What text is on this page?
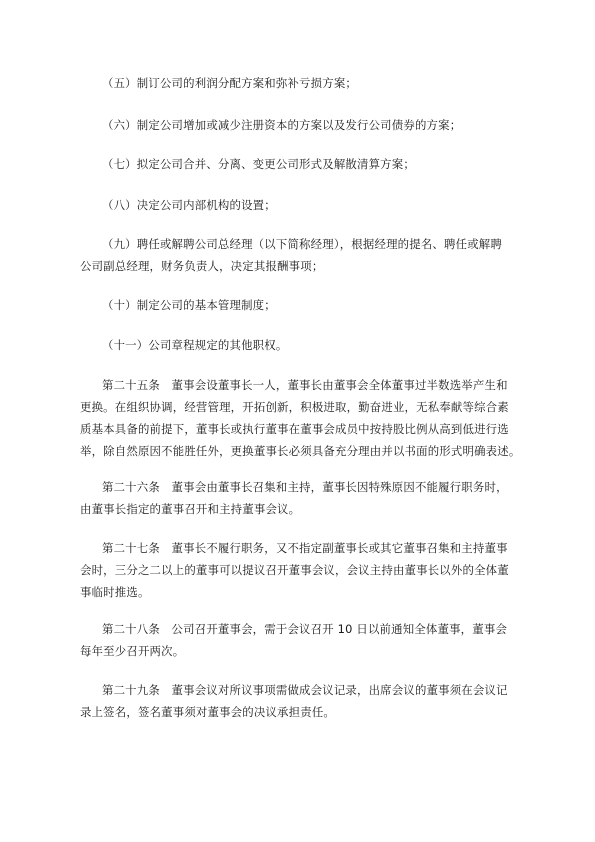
（五）制订公司的利润分配方案和弥补亏损方案；

（六）制定公司增加或减少注册资本的方案以及发行公司债券的方案；

（七）拟定公司合并、分离、变更公司形式及解散清算方案；

（八）决定公司内部机构的设置；

（九）聘任或解聘公司总经理（以下简称经理），根据经理的提名、聘任或解聘

公司副总经理，财务负责人，决定其报酬事项；

（十）制定公司的基本管理制度；

（十一）公司章程规定的其他职权。

第二十五条　董事会设董事长一人，董事长由董事会全体董事过半数选举产生和

更换。在组织协调，经营管理，开拓创新，积极进取，勤奋进业，无私奉献等综合素

质基本具备的前提下，董事长或执行董事在董事会成员中按持股比例从高到低进行选

举，除自然原因不能胜任外，更换董事长必须具备充分理由并以书面的形式明确表述。

第二十六条　董事会由董事长召集和主持，董事长因特殊原因不能履行职务时，

由董事长指定的董事召开和主持董事会议。

第二十七条　董事长不履行职务，又不指定副董事长或其它董事召集和主持董事

会时，三分之二以上的董事可以提议召开董事会议，会议主持由董事长以外的全体董

事临时推选。

第二十八条　公司召开董事会，需于会议召开 10 日以前通知全体董事，董事会

每年至少召开两次。

第二十九条　董事会议对所议事项需做成会议记录，出席会议的董事须在会议记

录上签名，签名董事须对董事会的决议承担责任。
